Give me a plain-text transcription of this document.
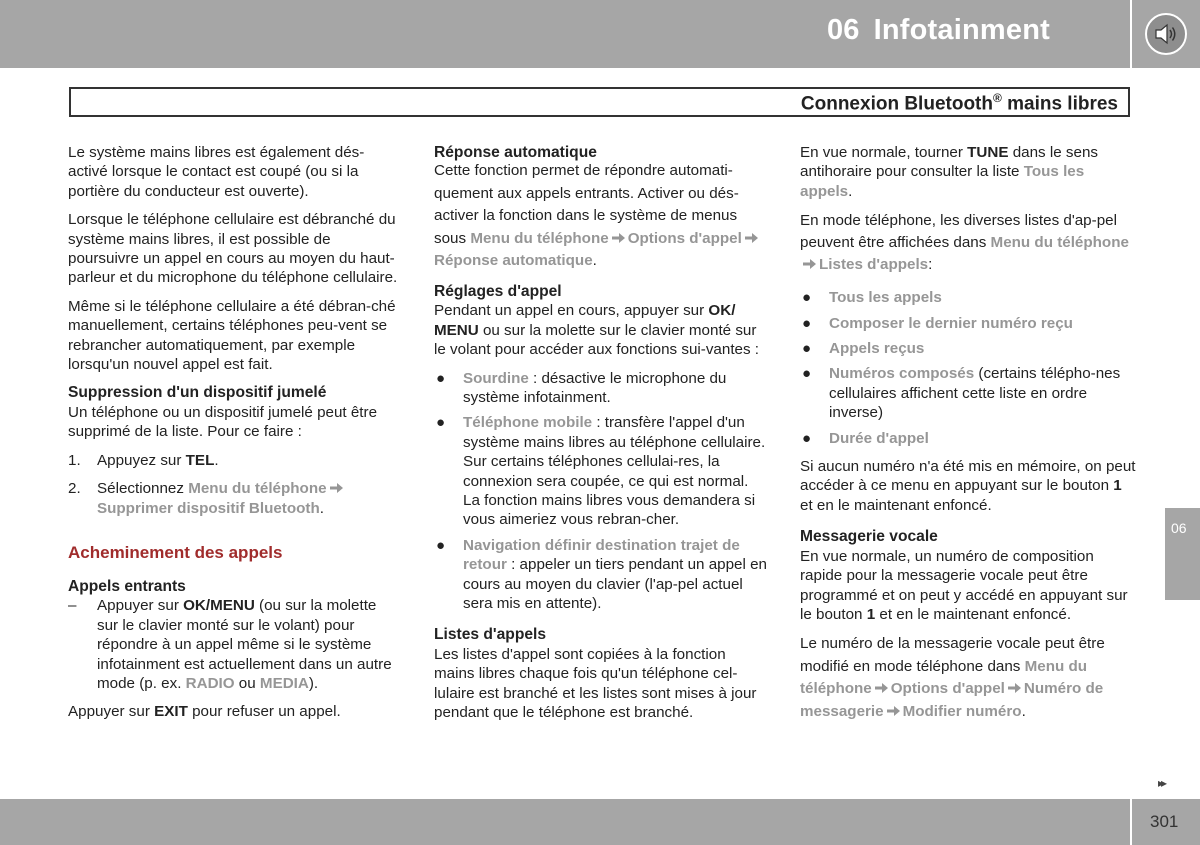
06 Infotainment
Connexion Bluetooth® mains libres

Le système mains libres est également dés-activé lorsque le contact est coupé (ou si la portière du conducteur est ouverte).

Lorsque le téléphone cellulaire est débranché du système mains libres, il est possible de poursuivre un appel en cours au moyen du haut-parleur et du microphone du téléphone cellulaire.

Même si le téléphone cellulaire a été débran-ché manuellement, certains téléphones peu-vent se rebrancher automatiquement, par exemple lorsqu'un nouvel appel est fait.

Suppression d'un dispositif jumelé

Un téléphone ou un dispositif jumelé peut être supprimé de la liste. Pour ce faire :

1. Appuyez sur TEL.
2. Sélectionnez Menu du téléphone
Supprimer dispositif Bluetooth.
Acheminement des appels
Appels entrants
– Appuyer sur OK/MENU (ou sur la molette sur le clavier monté sur le volant) pour répondre à un appel même si le système infotainment est actuellement dans un autre mode (p. ex. RADIO ou MEDIA).

Appuyer sur EXIT pour refuser un appel.

Réponse automatique

Cette fonction permet de répondre automati-quement aux appels entrants. Activer ou dés-activer la fonction dans le système de menus sous Menu du téléphone Options d'appelRéponse automatique.

Réglages d'appel

Pendant un appel en cours, appuyer sur OK/ MENU ou sur la molette sur le clavier monté sur le volant pour accéder aux fonctions sui-vantes :

● Sourdine : désactive le microphone du système infotainment.
● Téléphone mobile : transfère l'appel d'un système mains libres au téléphone cellulaire. Sur certains téléphones cellulai-res, la connexion sera coupée, ce qui est normal. La fonction mains libres vous demandera si vous aimeriez vous rebran-cher.
● Navigation définir destination trajet de retour : appeler un tiers pendant un appel en cours au moyen du clavier (l'ap-pel actuel sera mis en attente).
Listes d'appels

Les listes d'appel sont copiées à la fonction mains libres chaque fois qu'un téléphone cel-lulaire est branché et les listes sont mises à jour pendant que le téléphone est branché.

En vue normale, tourner TUNE dans le sens antihoraire pour consulter la liste Tous les appels.

En mode téléphone, les diverses listes d'ap-pel peuvent être affichées dans Menu du téléphoneListes d'appels:

● Tous les appels
● Composer le dernier numéro reçu
● Appels reçus
● Numéros composés (certains télépho-nes cellulaires affichent cette liste en ordre inverse)
● Durée d'appel

Si aucun numéro n'a été mis en mémoire, on peut accéder à ce menu en appuyant sur le bouton 1 et en le maintenant enfoncé.

Messagerie vocale

En vue normale, un numéro de composition rapide pour la messagerie vocale peut être programmé et on peut y accédé en appuyant sur le bouton 1 et en le maintenant enfoncé.

Le numéro de la messagerie vocale peut être modifié en mode téléphone dans Menu du téléphone Options d'appel Numéro de messagerie Modifier numéro.

06
▸▸
301
